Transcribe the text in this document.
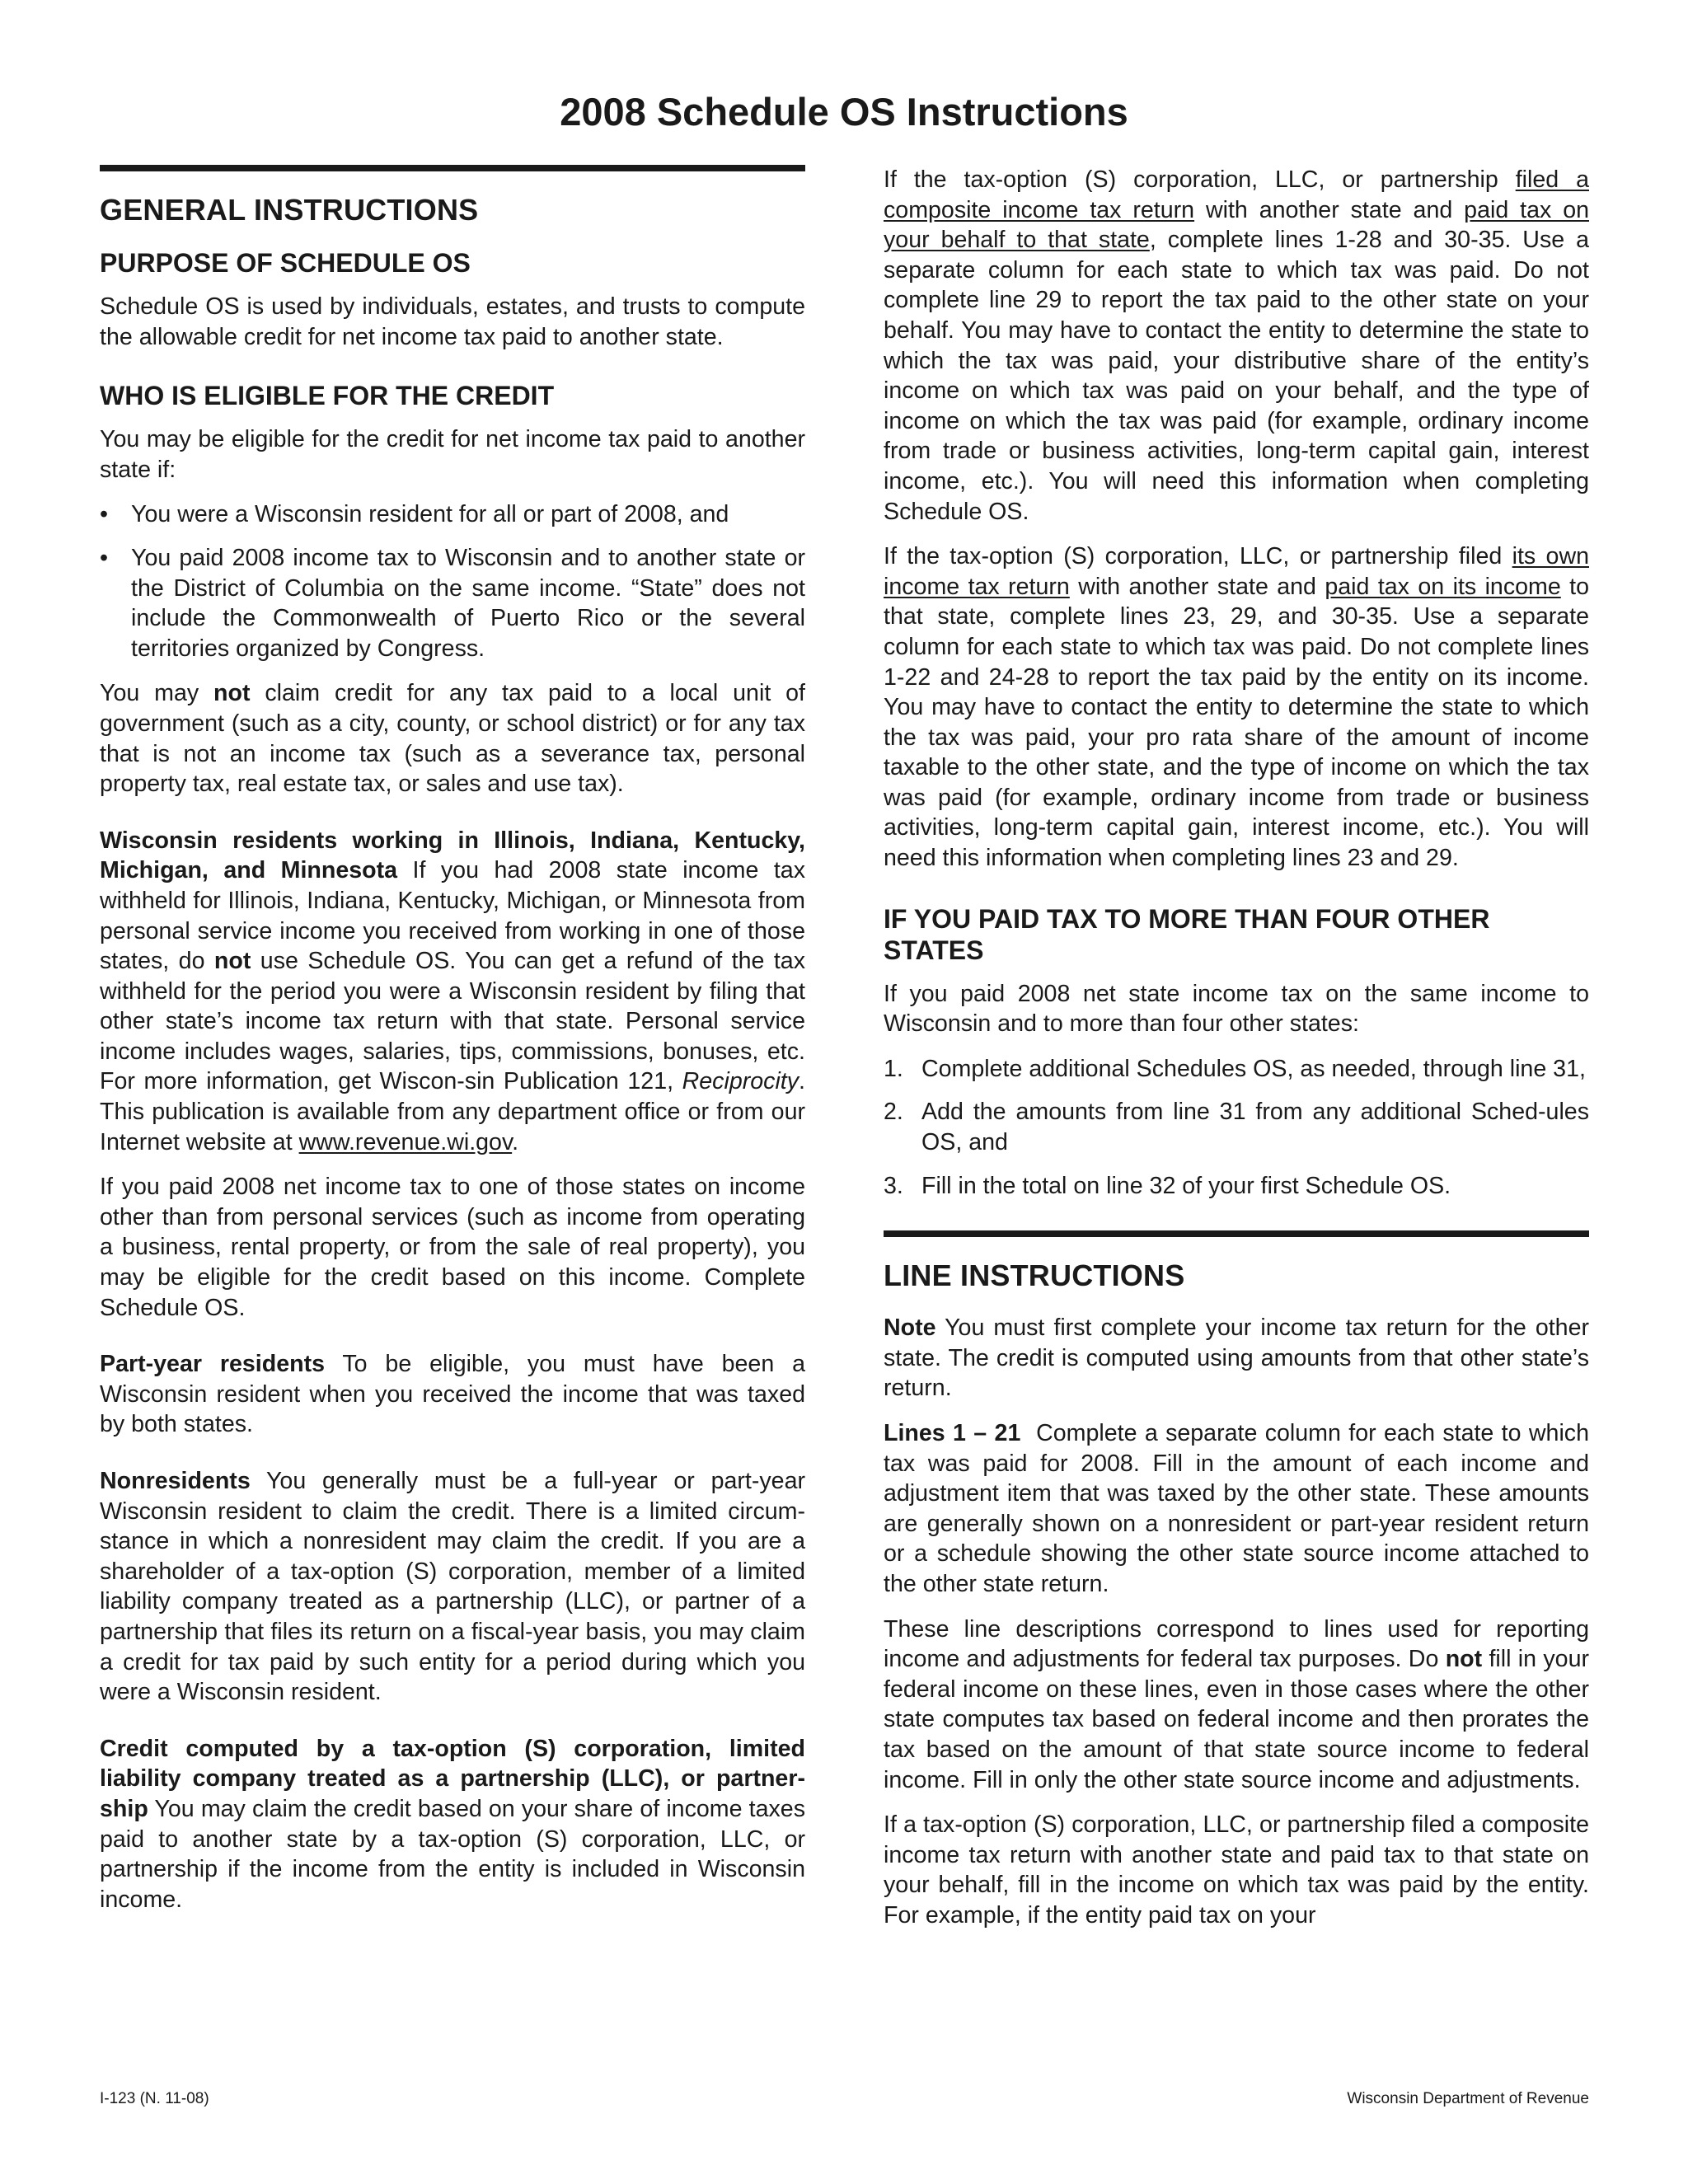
2008 Schedule OS Instructions
GENERAL INSTRUCTIONS
PURPOSE OF SCHEDULE OS

Schedule OS is used by individuals, estates, and trusts to compute the allowable credit for net income tax paid to another state.

WHO IS ELIGIBLE FOR THE CREDIT

You may be eligible for the credit for net income tax paid to another state if:

• You were a Wisconsin resident for all or part of 2008, and
• You paid 2008 income tax to Wisconsin and to another state or the District of Columbia on the same income. “State” does not include the Commonwealth of Puerto Rico or the several territories organized by Congress.

You may not claim credit for any tax paid to a local unit of government (such as a city, county, or school district) or for any tax that is not an income tax (such as a severance tax, personal property tax, real estate tax, or sales and use tax).

Wisconsin residents working in Illinois, Indiana, Kentucky, Michigan, and Minnesota If you had 2008 state income tax withheld for Illinois, Indiana, Kentucky, Michigan, or Minnesota from personal service income you received from working in one of those states, do not use Schedule OS. You can get a refund of the tax withheld for the period you were a Wisconsin resident by filing that other state’s income tax return with that state. Personal service income includes wages, salaries, tips, commissions, bonuses, etc. For more information, get Wiscon-sin Publication 121, Reciprocity. This publication is available from any department office or from our Internet website at www.revenue.wi.gov.

If you paid 2008 net income tax to one of those states on income other than from personal services (such as income from operating a business, rental property, or from the sale of real property), you may be eligible for the credit based on this income. Complete Schedule OS.

Part-year residents To be eligible, you must have been a Wisconsin resident when you received the income that was taxed by both states.

Nonresidents You generally must be a full-year or part-year Wisconsin resident to claim the credit. There is a limited circum-stance in which a nonresident may claim the credit. If you are a shareholder of a tax-option (S) corporation, member of a limited liability company treated as a partnership (LLC), or partner of a partnership that files its return on a fiscal-year basis, you may claim a credit for tax paid by such entity for a period during which you were a Wisconsin resident.

Credit computed by a tax-option (S) corporation, limited liability company treated as a partnership (LLC), or partner-ship You may claim the credit based on your share of income taxes paid to another state by a tax-option (S) corporation, LLC, or partnership if the income from the entity is included in Wisconsin income.

If the tax-option (S) corporation, LLC, or partnership filed a composite income tax return with another state and paid tax on your behalf to that state, complete lines 1-28 and 30-35. Use a separate column for each state to which tax was paid. Do not complete line 29 to report the tax paid to the other state on your behalf. You may have to contact the entity to determine the state to which the tax was paid, your distributive share of the entity’s income on which tax was paid on your behalf, and the type of income on which the tax was paid (for example, ordinary income from trade or business activities, long-term capital gain, interest income, etc.). You will need this information when completing Schedule OS.

If the tax-option (S) corporation, LLC, or partnership filed its own income tax return with another state and paid tax on its income to that state, complete lines 23, 29, and 30-35. Use a separate column for each state to which tax was paid. Do not complete lines 1-22 and 24-28 to report the tax paid by the entity on its income. You may have to contact the entity to determine the state to which the tax was paid, your pro rata share of the amount of income taxable to the other state, and the type of income on which the tax was paid (for example, ordinary income from trade or business activities, long-term capital gain, interest income, etc.). You will need this information when completing lines 23 and 29.

IF YOU PAID TAX TO MORE THAN FOUR OTHER STATES

If you paid 2008 net state income tax on the same income to Wisconsin and to more than four other states:

1. Complete additional Schedules OS, as needed, through line 31,
2. Add the amounts from line 31 from any additional Sched-ules OS, and
3. Fill in the total on line 32 of your first Schedule OS.
LINE INSTRUCTIONS

Note You must first complete your income tax return for the other state. The credit is computed using amounts from that other state’s return.

Lines 1 – 21  Complete a separate column for each state to which tax was paid for 2008. Fill in the amount of each income and adjustment item that was taxed by the other state. These amounts are generally shown on a nonresident or part-year resident return or a schedule showing the other state source income attached to the other state return.

These line descriptions correspond to lines used for reporting income and adjustments for federal tax purposes. Do not fill in your federal income on these lines, even in those cases where the other state computes tax based on federal income and then prorates the tax based on the amount of that state source income to federal income. Fill in only the other state source income and adjustments.

If a tax-option (S) corporation, LLC, or partnership filed a composite income tax return with another state and paid tax to that state on your behalf, fill in the income on which tax was paid by the entity. For example, if the entity paid tax on your

I-123 (N. 11-08)	Wisconsin Department of Revenue
